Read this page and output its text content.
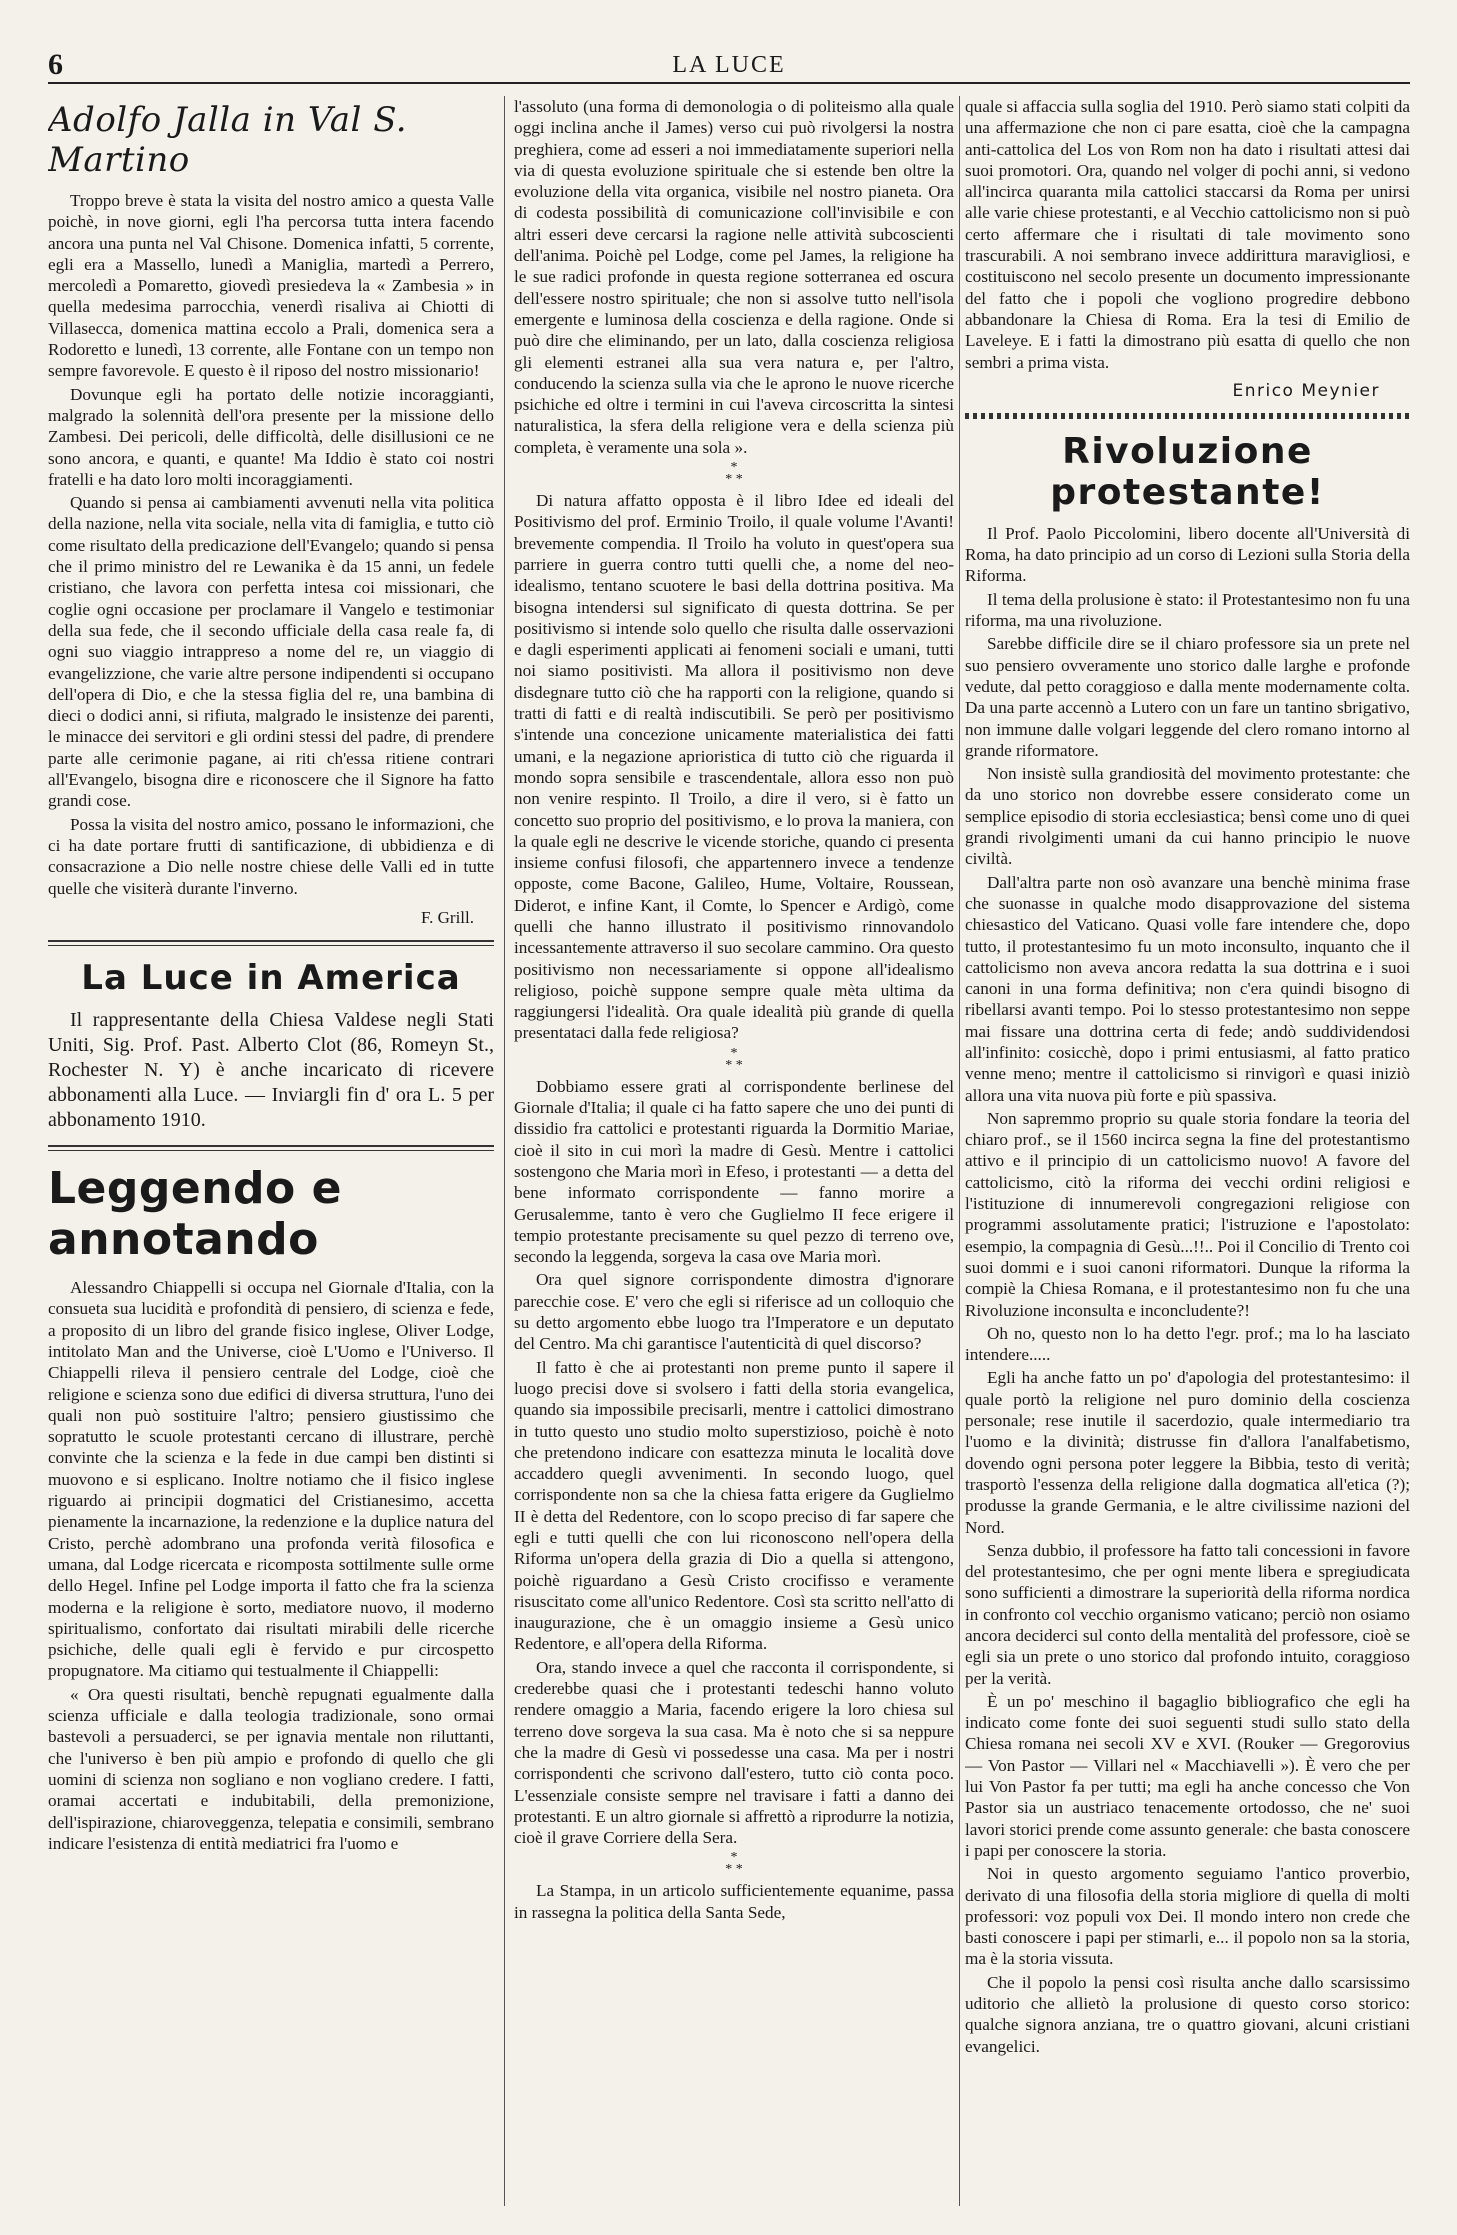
6	LA LUCE
Adolfo Jalla in Val S. Martino

Troppo breve è stata la visita del nostro amico a questa Valle poichè, in nove giorni, egli l'ha percorsa tutta intera facendo ancora una punta nel Val Chisone. Domenica infatti, 5 corrente, egli era a Massello, lunedì a Maniglia, martedì a Perrero, mercoledì a Pomaretto, giovedì presiedeva la « Zambesia » in quella medesima parrocchia, venerdì risaliva ai Chiotti di Villasecca, domenica mattina eccolo a Prali, domenica sera a Rodoretto e lunedì, 13 corrente, alle Fontane con un tempo non sempre favorevole. E questo è il riposo del nostro missionario!

Dovunque egli ha portato delle notizie incoraggianti, malgrado la solennità dell'ora presente per la missione dello Zambesi. Dei pericoli, delle difficoltà, delle disillusioni ce ne sono ancora, e quanti, e quante! Ma Iddio è stato coi nostri fratelli e ha dato loro molti incoraggiamenti.

Quando si pensa ai cambiamenti avvenuti nella vita politica della nazione, nella vita sociale, nella vita di famiglia, e tutto ciò come risultato della predicazione dell'Evangelo; quando si pensa che il primo ministro del re Lewanika è da 15 anni, un fedele cristiano, che lavora con perfetta intesa coi missionari, che coglie ogni occasione per proclamare il Vangelo e testimoniar della sua fede, che il secondo ufficiale della casa reale fa, di ogni suo viaggio intrappreso a nome del re, un viaggio di evangelizzione, che varie altre persone indipendenti si occupano dell'opera di Dio, e che la stessa figlia del re, una bambina di dieci o dodici anni, si rifiuta, malgrado le insistenze dei parenti, le minacce dei servitori e gli ordini stessi del padre, di prendere parte alle cerimonie pagane, ai riti ch'essa ritiene contrari all'Evangelo, bisogna dire e riconoscere che il Signore ha fatto grandi cose.

Possa la visita del nostro amico, possano le informazioni, che ci ha date portare frutti di santificazione, di ubbidienza e di consacrazione a Dio nelle nostre chiese delle Valli ed in tutte quelle che visiterà durante l'inverno.

F. Grill.

La Luce in America

Il rappresentante della Chiesa Valdese negli Stati Uniti, Sig. Prof. Past. Alberto Clot (86, Romeyn St., Rochester N. Y) è anche incaricato di ricevere abbonamenti alla Luce. — Inviargli fin d' ora L. 5 per abbonamento 1910.

Leggendo e annotando

Alessandro Chiappelli si occupa nel Giornale d'Italia, con la consueta sua lucidità e profondità di pensiero, di scienza e fede, a proposito di un libro del grande fisico inglese, Oliver Lodge, intitolato Man and the Universe, cioè L'Uomo e l'Universo. Il Chiappelli rileva il pensiero centrale del Lodge, cioè che religione e scienza sono due edifici di diversa struttura, l'uno dei quali non può sostituire l'altro; pensiero giustissimo che sopratutto le scuole protestanti cercano di illustrare, perchè convinte che la scienza e la fede in due campi ben distinti si muovono e si esplicano. Inoltre notiamo che il fisico inglese riguardo ai principii dogmatici del Cristianesimo, accetta pienamente la incarnazione, la redenzione e la duplice natura del Cristo, perchè adombrano una profonda verità filosofica e umana, dal Lodge ricercata e ricomposta sottilmente sulle orme dello Hegel. Infine pel Lodge importa il fatto che fra la scienza moderna e la religione è sorto, mediatore nuovo, il moderno spiritualismo, confortato dai risultati mirabili delle ricerche psichiche, delle quali egli è fervido e pur circospetto propugnatore. Ma citiamo qui testualmente il Chiappelli:

« Ora questi risultati, benchè repugnati egualmente dalla scienza ufficiale e dalla teologia tradizionale, sono ormai bastevoli a persuaderci, se per ignavia mentale non riluttanti, che l'universo è ben più ampio e profondo di quello che gli uomini di scienza non sogliano e non vogliano credere. I fatti, oramai accertati e indubitabili, della premonizione, dell'ispirazione, chiaroveggenza, telepatia e consimili, sembrano indicare l'esistenza di entità mediatrici fra l'uomo e

l'assoluto (una forma di demonologia o di politeismo alla quale oggi inclina anche il James) verso cui può rivolgersi la nostra preghiera, come ad esseri a noi immediatamente superiori nella via di questa evoluzione spirituale che si estende ben oltre la evoluzione della vita organica, visibile nel nostro pianeta. Ora di codesta possibilità di comunicazione coll'invisibile e con altri esseri deve cercarsi la ragione nelle attività subcoscienti dell'anima. Poichè pel Lodge, come pel James, la religione ha le sue radici profonde in questa regione sotterranea ed oscura dell'essere nostro spirituale; che non si assolve tutto nell'isola emergente e luminosa della coscienza e della ragione. Onde si può dire che eliminando, per un lato, dalla coscienza religiosa gli elementi estranei alla sua vera natura e, per l'altro, conducendo la scienza sulla via che le aprono le nuove ricerche psichiche ed oltre i termini in cui l'aveva circoscritta la sintesi naturalistica, la sfera della religione vera e della scienza più completa, è veramente una sola ».

*
* *

Di natura affatto opposta è il libro Idee ed ideali del Positivismo del prof. Erminio Troilo, il quale volume l'Avanti! brevemente compendia. Il Troilo ha voluto in quest'opera sua parriere in guerra contro tutti quelli che, a nome del neo-idealismo, tentano scuotere le basi della dottrina positiva. Ma bisogna intendersi sul significato di questa dottrina. Se per positivismo si intende solo quello che risulta dalle osservazioni e dagli esperimenti applicati ai fenomeni sociali e umani, tutti noi siamo positivisti. Ma allora il positivismo non deve disdegnare tutto ciò che ha rapporti con la religione, quando si tratti di fatti e di realtà indiscutibili. Se però per positivismo s'intende una concezione unicamente materialistica dei fatti umani, e la negazione aprioristica di tutto ciò che riguarda il mondo sopra sensibile e trascendentale, allora esso non può non venire respinto. Il Troilo, a dire il vero, si è fatto un concetto suo proprio del positivismo, e lo prova la maniera, con la quale egli ne descrive le vicende storiche, quando ci presenta insieme confusi filosofi, che appartennero invece a tendenze opposte, come Bacone, Galileo, Hume, Voltaire, Roussean, Diderot, e infine Kant, il Comte, lo Spencer e Ardigò, come quelli che hanno illustrato il positivismo rinnovandolo incessantemente attraverso il suo secolare cammino. Ora questo positivismo non necessariamente si oppone all'idealismo religioso, poichè suppone sempre quale mèta ultima da raggiungersi l'idealità. Ora quale idealità più grande di quella presentataci dalla fede religiosa?

*
* *

Dobbiamo essere grati al corrispondente berlinese del Giornale d'Italia; il quale ci ha fatto sapere che uno dei punti di dissidio fra cattolici e protestanti riguarda la Dormitio Mariae, cioè il sito in cui morì la madre di Gesù. Mentre i cattolici sostengono che Maria morì in Efeso, i protestanti — a detta del bene informato corrispondente — fanno morire a Gerusalemme, tanto è vero che Guglielmo II fece erigere il tempio protestante precisamente su quel pezzo di terreno ove, secondo la leggenda, sorgeva la casa ove Maria morì.

Ora quel signore corrispondente dimostra d'ignorare parecchie cose. E' vero che egli si riferisce ad un colloquio che su detto argomento ebbe luogo tra l'Imperatore e un deputato del Centro. Ma chi garantisce l'autenticità di quel discorso?

Il fatto è che ai protestanti non preme punto il sapere il luogo precisi dove si svolsero i fatti della storia evangelica, quando sia impossibile precisarli, mentre i cattolici dimostrano in tutto questo uno studio molto superstizioso, poichè è noto che pretendono indicare con esattezza minuta le località dove accaddero quegli avvenimenti. In secondo luogo, quel corrispondente non sa che la chiesa fatta erigere da Guglielmo II è detta del Redentore, con lo scopo preciso di far sapere che egli e tutti quelli che con lui riconoscono nell'opera della Riforma un'opera della grazia di Dio a quella si attengono, poichè riguardano a Gesù Cristo crocifisso e veramente risuscitato come all'unico Redentore. Così sta scritto nell'atto di inaugurazione, che è un omaggio insieme a Gesù unico Redentore, e all'opera della Riforma.

Ora, stando invece a quel che racconta il corrispondente, si crederebbe quasi che i protestanti tedeschi hanno voluto rendere omaggio a Maria, facendo erigere la loro chiesa sul terreno dove sorgeva la sua casa. Ma è noto che si sa neppure che la madre di Gesù vi possedesse una casa. Ma per i nostri corrispondenti che scrivono dall'estero, tutto ciò conta poco. L'essenziale consiste sempre nel travisare i fatti a danno dei protestanti. E un altro giornale si affrettò a riprodurre la notizia, cioè il grave Corriere della Sera.

*
* *

La Stampa, in un articolo sufficientemente equanime, passa in rassegna la politica della Santa Sede,

quale si affaccia sulla soglia del 1910. Però siamo stati colpiti da una affermazione che non ci pare esatta, cioè che la campagna anti-cattolica del Los von Rom non ha dato i risultati attesi dai suoi promotori. Ora, quando nel volger di pochi anni, si vedono all'incirca quaranta mila cattolici staccarsi da Roma per unirsi alle varie chiese protestanti, e al Vecchio cattolicismo non si può certo affermare che i risultati di tale movimento sono trascurabili. A noi sembrano invece addirittura maravigliosi, e costituiscono nel secolo presente un documento impressionante del fatto che i popoli che vogliono progredire debbono abbandonare la Chiesa di Roma. Era la tesi di Emilio de Laveleye. E i fatti la dimostrano più esatta di quello che non sembri a prima vista.

Enrico Meynier
Rivoluzione protestante!

Il Prof. Paolo Piccolomini, libero docente all'Università di Roma, ha dato principio ad un corso di Lezioni sulla Storia della Riforma.

Il tema della prolusione è stato: il Protestantesimo non fu una riforma, ma una rivoluzione.

Sarebbe difficile dire se il chiaro professore sia un prete nel suo pensiero ovveramente uno storico dalle larghe e profonde vedute, dal petto coraggioso e dalla mente modernamente colta. Da una parte accennò a Lutero con un fare un tantino sbrigativo, non immune dalle volgari leggende del clero romano intorno al grande riformatore.

Non insistè sulla grandiosità del movimento protestante: che da uno storico non dovrebbe essere considerato come un semplice episodio di storia ecclesiastica; bensì come uno di quei grandi rivolgimenti umani da cui hanno principio le nuove civiltà.

Dall'altra parte non osò avanzare una benchè minima frase che suonasse in qualche modo disapprovazione del sistema chiesastico del Vaticano. Quasi volle fare intendere che, dopo tutto, il protestantesimo fu un moto inconsulto, inquanto che il cattolicismo non aveva ancora redatta la sua dottrina e i suoi canoni in una forma definitiva; non c'era quindi bisogno di ribellarsi avanti tempo. Poi lo stesso protestantesimo non seppe mai fissare una dottrina certa di fede; andò suddividendosi all'infinito: cosicchè, dopo i primi entusiasmi, al fatto pratico venne meno; mentre il cattolicismo si rinvigorì e quasi iniziò allora una vita nuova più forte e più spassiva.

Non sapremmo proprio su quale storia fondare la teoria del chiaro prof., se il 1560 incirca segna la fine del protestantismo attivo e il principio di un cattolicismo nuovo! A favore del cattolicismo, citò la riforma dei vecchi ordini religiosi e l'istituzione di innumerevoli congregazioni religiose con programmi assolutamente pratici; l'istruzione e l'apostolato: esempio, la compagnia di Gesù...!!.. Poi il Concilio di Trento coi suoi dommi e i suoi canoni riformatori. Dunque la riforma la compiè la Chiesa Romana, e il protestantesimo non fu che una Rivoluzione inconsulta e inconcludente?!

Oh no, questo non lo ha detto l'egr. prof.; ma lo ha lasciato intendere.....

Egli ha anche fatto un po' d'apologia del protestantesimo: il quale portò la religione nel puro dominio della coscienza personale; rese inutile il sacerdozio, quale intermediario tra l'uomo e la divinità; distrusse fin d'allora l'analfabetismo, dovendo ogni persona poter leggere la Bibbia, testo di verità; trasportò l'essenza della religione dalla dogmatica all'etica (?); produsse la grande Germania, e le altre civilissime nazioni del Nord.

Senza dubbio, il professore ha fatto tali concessioni in favore del protestantesimo, che per ogni mente libera e spregiudicata sono sufficienti a dimostrare la superiorità della riforma nordica in confronto col vecchio organismo vaticano; perciò non osiamo ancora deciderci sul conto della mentalità del professore, cioè se egli sia un prete o uno storico dal profondo intuito, coraggioso per la verità.

È un po' meschino il bagaglio bibliografico che egli ha indicato come fonte dei suoi seguenti studi sullo stato della Chiesa romana nei secoli XV e XVI. (Rouker — Gregorovius — Von Pastor — Villari nel « Macchiavelli »). È vero che per lui Von Pastor fa per tutti; ma egli ha anche concesso che Von Pastor sia un austriaco tenacemente ortodosso, che ne' suoi lavori storici prende come assunto generale: che basta conoscere i papi per conoscere la storia.

Noi in questo argomento seguiamo l'antico proverbio, derivato di una filosofia della storia migliore di quella di molti professori: voz populi vox Dei. Il mondo intero non crede che basti conoscere i papi per stimarli, e... il popolo non sa la storia, ma è la storia vissuta.

Che il popolo la pensi così risulta anche dallo scarsissimo uditorio che allietò la prolusione di questo corso storico: qualche signora anziana, tre o quattro giovani, alcuni cristiani evangelici.
